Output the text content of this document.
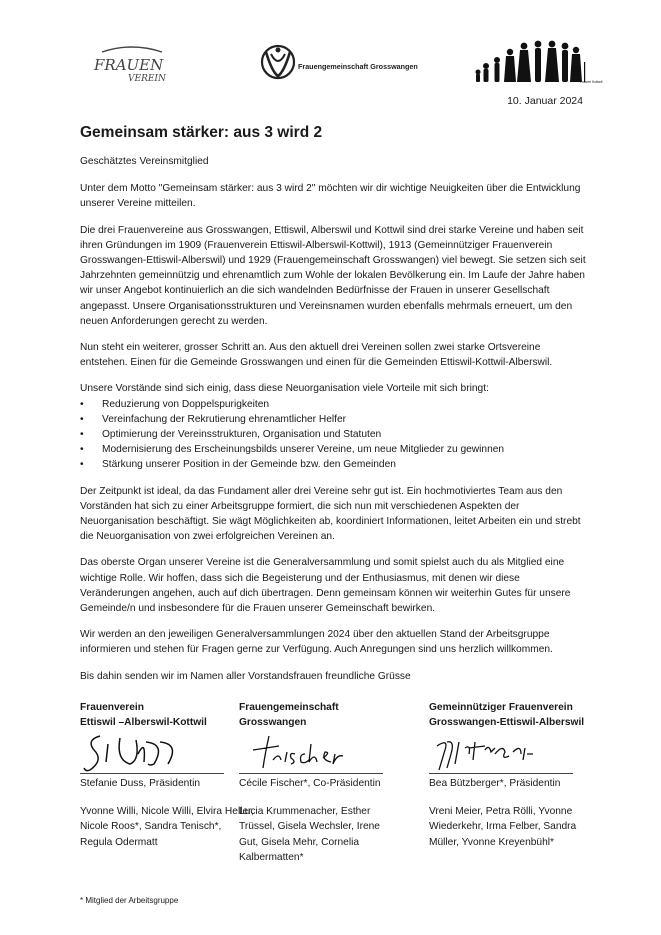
FRAUEN
VEREIN
Frauengemeinschaft Grosswangen
Frauen Kottwil
10. Januar 2024
Gemeinsam stärker: aus 3 wird 2

Geschätztes Vereinsmitglied

Unter dem Motto "Gemeinsam stärker: aus 3 wird 2" möchten wir dir wichtige Neuigkeiten über die Entwicklung unserer Vereine mitteilen.

Die drei Frauenvereine aus Grosswangen, Ettiswil, Alberswil und Kottwil sind drei starke Vereine und haben seit ihren Gründungen im 1909 (Frauenverein Ettiswil-Alberswil-Kottwil), 1913 (Gemeinnütziger Frauenverein Grosswangen-Ettiswil-Alberswil) und 1929 (Frauengemeinschaft Grosswangen) viel bewegt. Sie setzen sich seit Jahrzehnten gemeinnützig und ehrenamtlich zum Wohle der lokalen Bevölkerung ein. Im Laufe der Jahre haben wir unser Angebot kontinuierlich an die sich wandelnden Bedürfnisse der Frauen in unserer Gesellschaft angepasst. Unsere Organisationsstrukturen und Vereinsnamen wurden ebenfalls mehrmals erneuert, um den neuen Anforderungen gerecht zu werden.

Nun steht ein weiterer, grosser Schritt an. Aus den aktuell drei Vereinen sollen zwei starke Ortsvereine entstehen. Einen für die Gemeinde Grosswangen und einen für die Gemeinden Ettiswil-Kottwil-Alberswil.

Unsere Vorstände sind sich einig, dass diese Neuorganisation viele Vorteile mit sich bringt:

• Reduzierung von Doppelspurigkeiten
• Vereinfachung der Rekrutierung ehrenamtlicher Helfer
• Optimierung der Vereinsstrukturen, Organisation und Statuten
• Modernisierung des Erscheinungsbilds unserer Vereine, um neue Mitglieder zu gewinnen
• Stärkung unserer Position in der Gemeinde bzw. den Gemeinden

Der Zeitpunkt ist ideal, da das Fundament aller drei Vereine sehr gut ist. Ein hochmotiviertes Team aus den Vorständen hat sich zu einer Arbeitsgruppe formiert, die sich nun mit verschiedenen Aspekten der Neuorganisation beschäftigt. Sie wägt Möglichkeiten ab, koordiniert Informationen, leitet Arbeiten ein und strebt die Neuorganisation von zwei erfolgreichen Vereinen an.

Das oberste Organ unserer Vereine ist die Generalversammlung und somit spielst auch du als Mitglied eine wichtige Rolle. Wir hoffen, dass sich die Begeisterung und der Enthusiasmus, mit denen wir diese Veränderungen angehen, auch auf dich übertragen. Denn gemeinsam können wir weiterhin Gutes für unsere Gemeinde/n und insbesondere für die Frauen unserer Gemeinschaft bewirken.

Wir werden an den jeweiligen Generalversammlungen 2024 über den aktuellen Stand der Arbeitsgruppe informieren und stehen für Fragen gerne zur Verfügung. Auch Anregungen sind uns herzlich willkommen.

Bis dahin senden wir im Namen aller Vorstandsfrauen freundliche Grüsse

Frauenverein
Ettiswil –Alberswil-Kottwil
Stefanie Duss, Präsidentin
Yvonne Willi, Nicole Willi, Elvira Heller, Nicole Roos*, Sandra Tenisch*, Regula Odermatt
Frauengemeinschaft
Grosswangen
Cécile Fischer*, Co-Präsidentin
Lucia Krummenacher, Esther Trüssel, Gisela Wechsler, Irene Gut, Gisela Mehr, Cornelia Kalbermatten*
Gemeinnütziger Frauenverein
Grosswangen-Ettiswil-Alberswil
Bea Bützberger*, Präsidentin
Vreni Meier, Petra Rölli, Yvonne Wiederkehr, Irma Felber, Sandra Müller, Yvonne Kreyenbühl*
* Mitglied der Arbeitsgruppe
